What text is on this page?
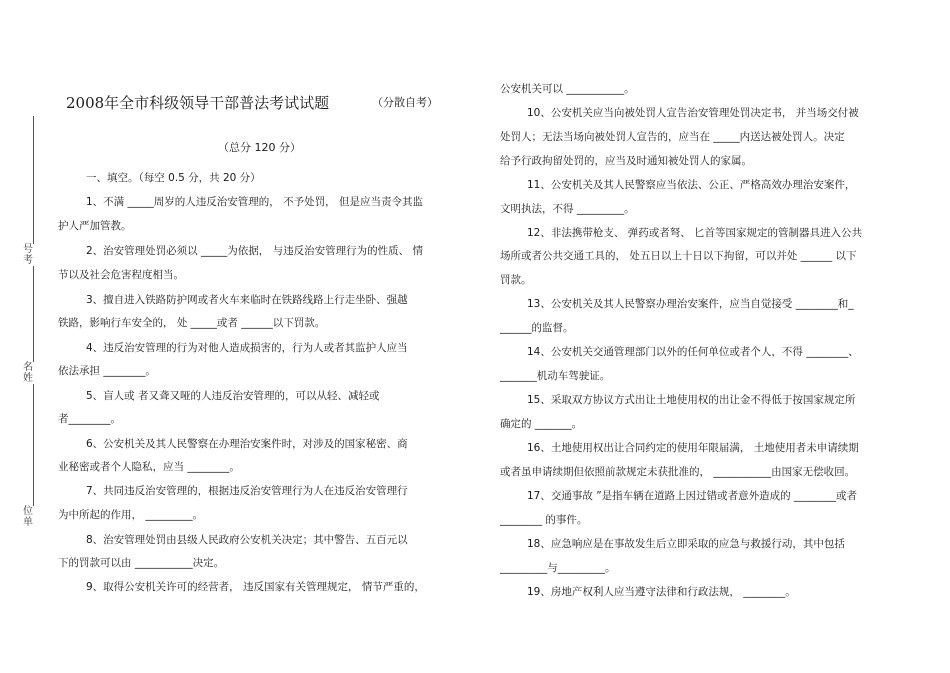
2008年全市科级领导干部普法考试试题	（分散自考）
（总分 120 分）
号考
名姓
位单
一、填空。（每空 0.5 分，共 20 分）
1、不满 _____周岁的人违反治安管理的， 不予处罚， 但是应当责令其监
护人严加管教。
2、治安管理处罚必须以 _____为依据， 与违反治安管理行为的性质、 情
节以及社会危害程度相当。
3、擅自进入铁路防护网或者火车来临时在铁路线路上行走坐卧、强越
铁路，影响行车安全的， 处 _____或者 ______以下罚款。
4、违反治安管理的行为对他人造成损害的，行为人或者其监护人应当
依法承担 ________。
5、盲人或 者又聋又哑的人违反治安管理的，可以从轻、减轻或
者________。
6、公安机关及其人民警察在办理治安案件时，对涉及的国家秘密、商
业秘密或者个人隐私，应当 ________。
7、共同违反治安管理的，根据违反治安管理行为人在违反治安管理行
为中所起的作用， _________。
8、治安管理处罚由县级人民政府公安机关决定；其中警告、五百元以
下的罚款可以由 ___________决定。
9、取得公安机关许可的经营者， 违反国家有关管理规定， 情节严重的，
公安机关可以 ___________。
10、公安机关应当向被处罚人宣告治安管理处罚决定书， 并当场交付被
处罚人；无法当场向被处罚人宣告的，应当在 _____内送达被处罚人。决定
给予行政拘留处罚的，应当及时通知被处罚人的家属。
11、公安机关及其人民警察应当依法、公正、严格高效办理治安案件，
文明执法，不得 _________。
12、非法携带枪支、 弹药或者弩、 匕首等国家规定的管制器具进入公共
场所或者公共交通工具的， 处五日以上十日以下拘留，可以并处 ______ 以下
罚款。
13、公安机关及其人民警察办理治安案件，应当自觉接受 ________和_
______的监督。
14、公安机关交通管理部门以外的任何单位或者个人，不得 ________、
_______机动车驾驶证。
15、采取双方协议方式出让土地使用权的出让金不得低于按国家规定所
确定的 _______。
16、土地使用权出让合同约定的使用年限届满， 土地使用者未申请续期
或者虽申请续期但依照前款规定未获批准的， ___________由国家无偿收回。
17、交通事故 ”是指车辆在道路上因过错或者意外造成的 ________或者
________ 的事件。
18、应急响应是在事故发生后立即采取的应急与救援行动，其中包括
_________与_________。
19、房地产权利人应当遵守法律和行政法规， ________。
